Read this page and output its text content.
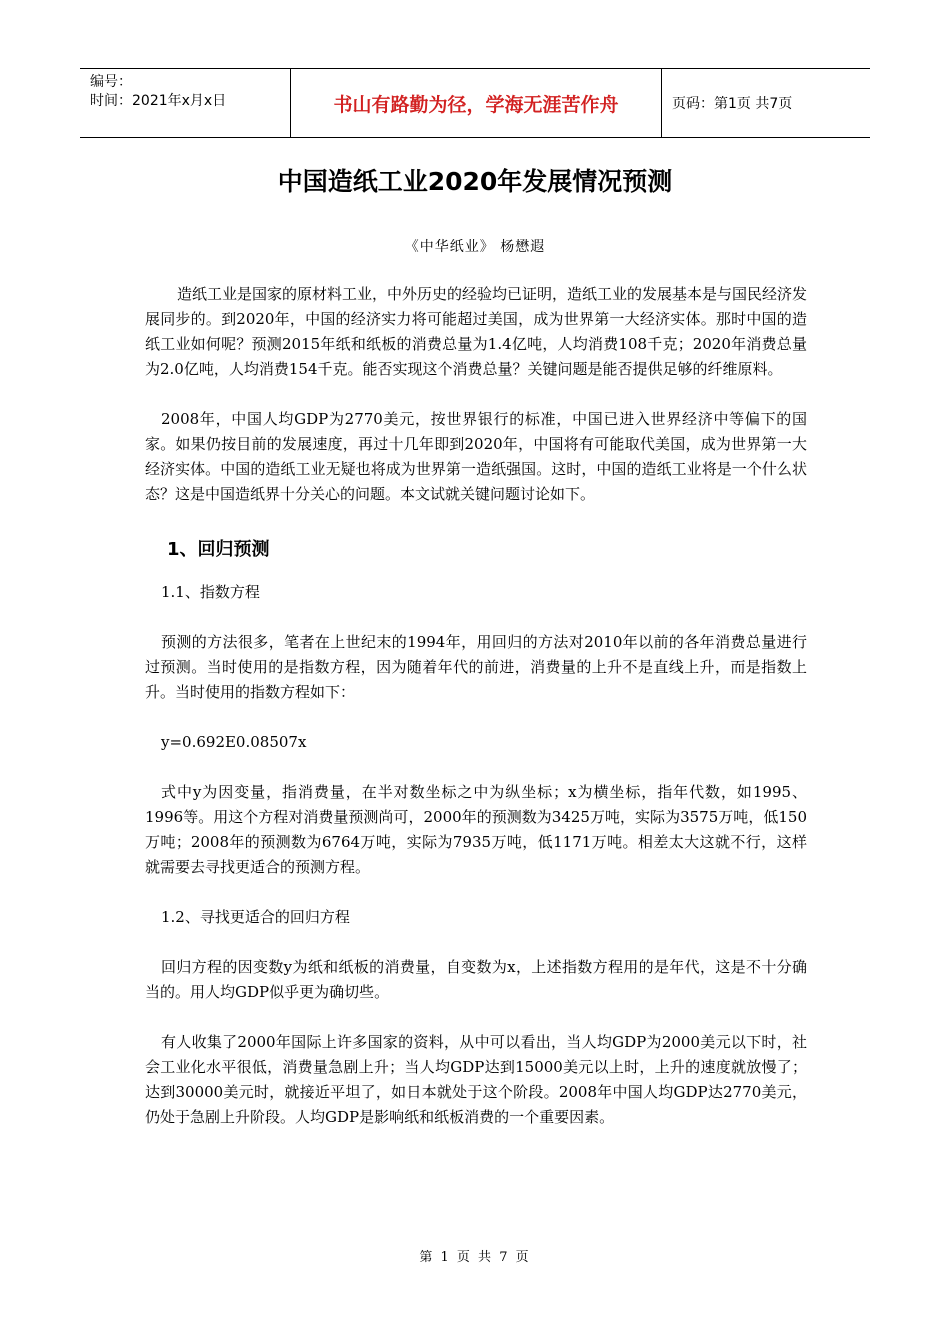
编号：
时间：2021年x月x日	书山有路勤为径，学海无涯苦作舟	页码：第1页 共7页
中国造纸工业2020年发展情况预测
《中华纸业》 杨懋遐

造纸工业是国家的原材料工业，中外历史的经验均已证明，造纸工业的发展基本是与国民经济发展同步的。到2020年，中国的经济实力将可能超过美国，成为世界第一大经济实体。那时中国的造纸工业如何呢？预测2015年纸和纸板的消费总量为1.4亿吨，人均消费108千克；2020年消费总量为2.0亿吨，人均消费154千克。能否实现这个消费总量？关键问题是能否提供足够的纤维原料。

2008年，中国人均GDP为2770美元，按世界银行的标准，中国已进入世界经济中等偏下的国家。如果仍按目前的发展速度，再过十几年即到2020年，中国将有可能取代美国，成为世界第一大经济实体。中国的造纸工业无疑也将成为世界第一造纸强国。这时，中国的造纸工业将是一个什么状态？这是中国造纸界十分关心的问题。本文试就关键问题讨论如下。

1、回归预测

1.1、指数方程

预测的方法很多，笔者在上世纪末的1994年，用回归的方法对2010年以前的各年消费总量进行过预测。当时使用的是指数方程，因为随着年代的前进，消费量的上升不是直线上升，而是指数上升。当时使用的指数方程如下：

y=0.692E0.08507x

式中y为因变量，指消费量，在半对数坐标之中为纵坐标；x为横坐标，指年代数，如1995、1996等。用这个方程对消费量预测尚可，2000年的预测数为3425万吨，实际为3575万吨，低150万吨；2008年的预测数为6764万吨，实际为7935万吨，低1171万吨。相差太大这就不行，这样就需要去寻找更适合的预测方程。

1.2、寻找更适合的回归方程

回归方程的因变数y为纸和纸板的消费量，自变数为x，上述指数方程用的是年代，这是不十分确当的。用人均GDP似乎更为确切些。

有人收集了2000年国际上许多国家的资料，从中可以看出，当人均GDP为2000美元以下时，社会工业化水平很低，消费量急剧上升；当人均GDP达到15000美元以上时，上升的速度就放慢了；达到30000美元时，就接近平坦了，如日本就处于这个阶段。2008年中国人均GDP达2770美元，仍处于急剧上升阶段。人均GDP是影响纸和纸板消费的一个重要因素。

第 1 页 共 7 页
